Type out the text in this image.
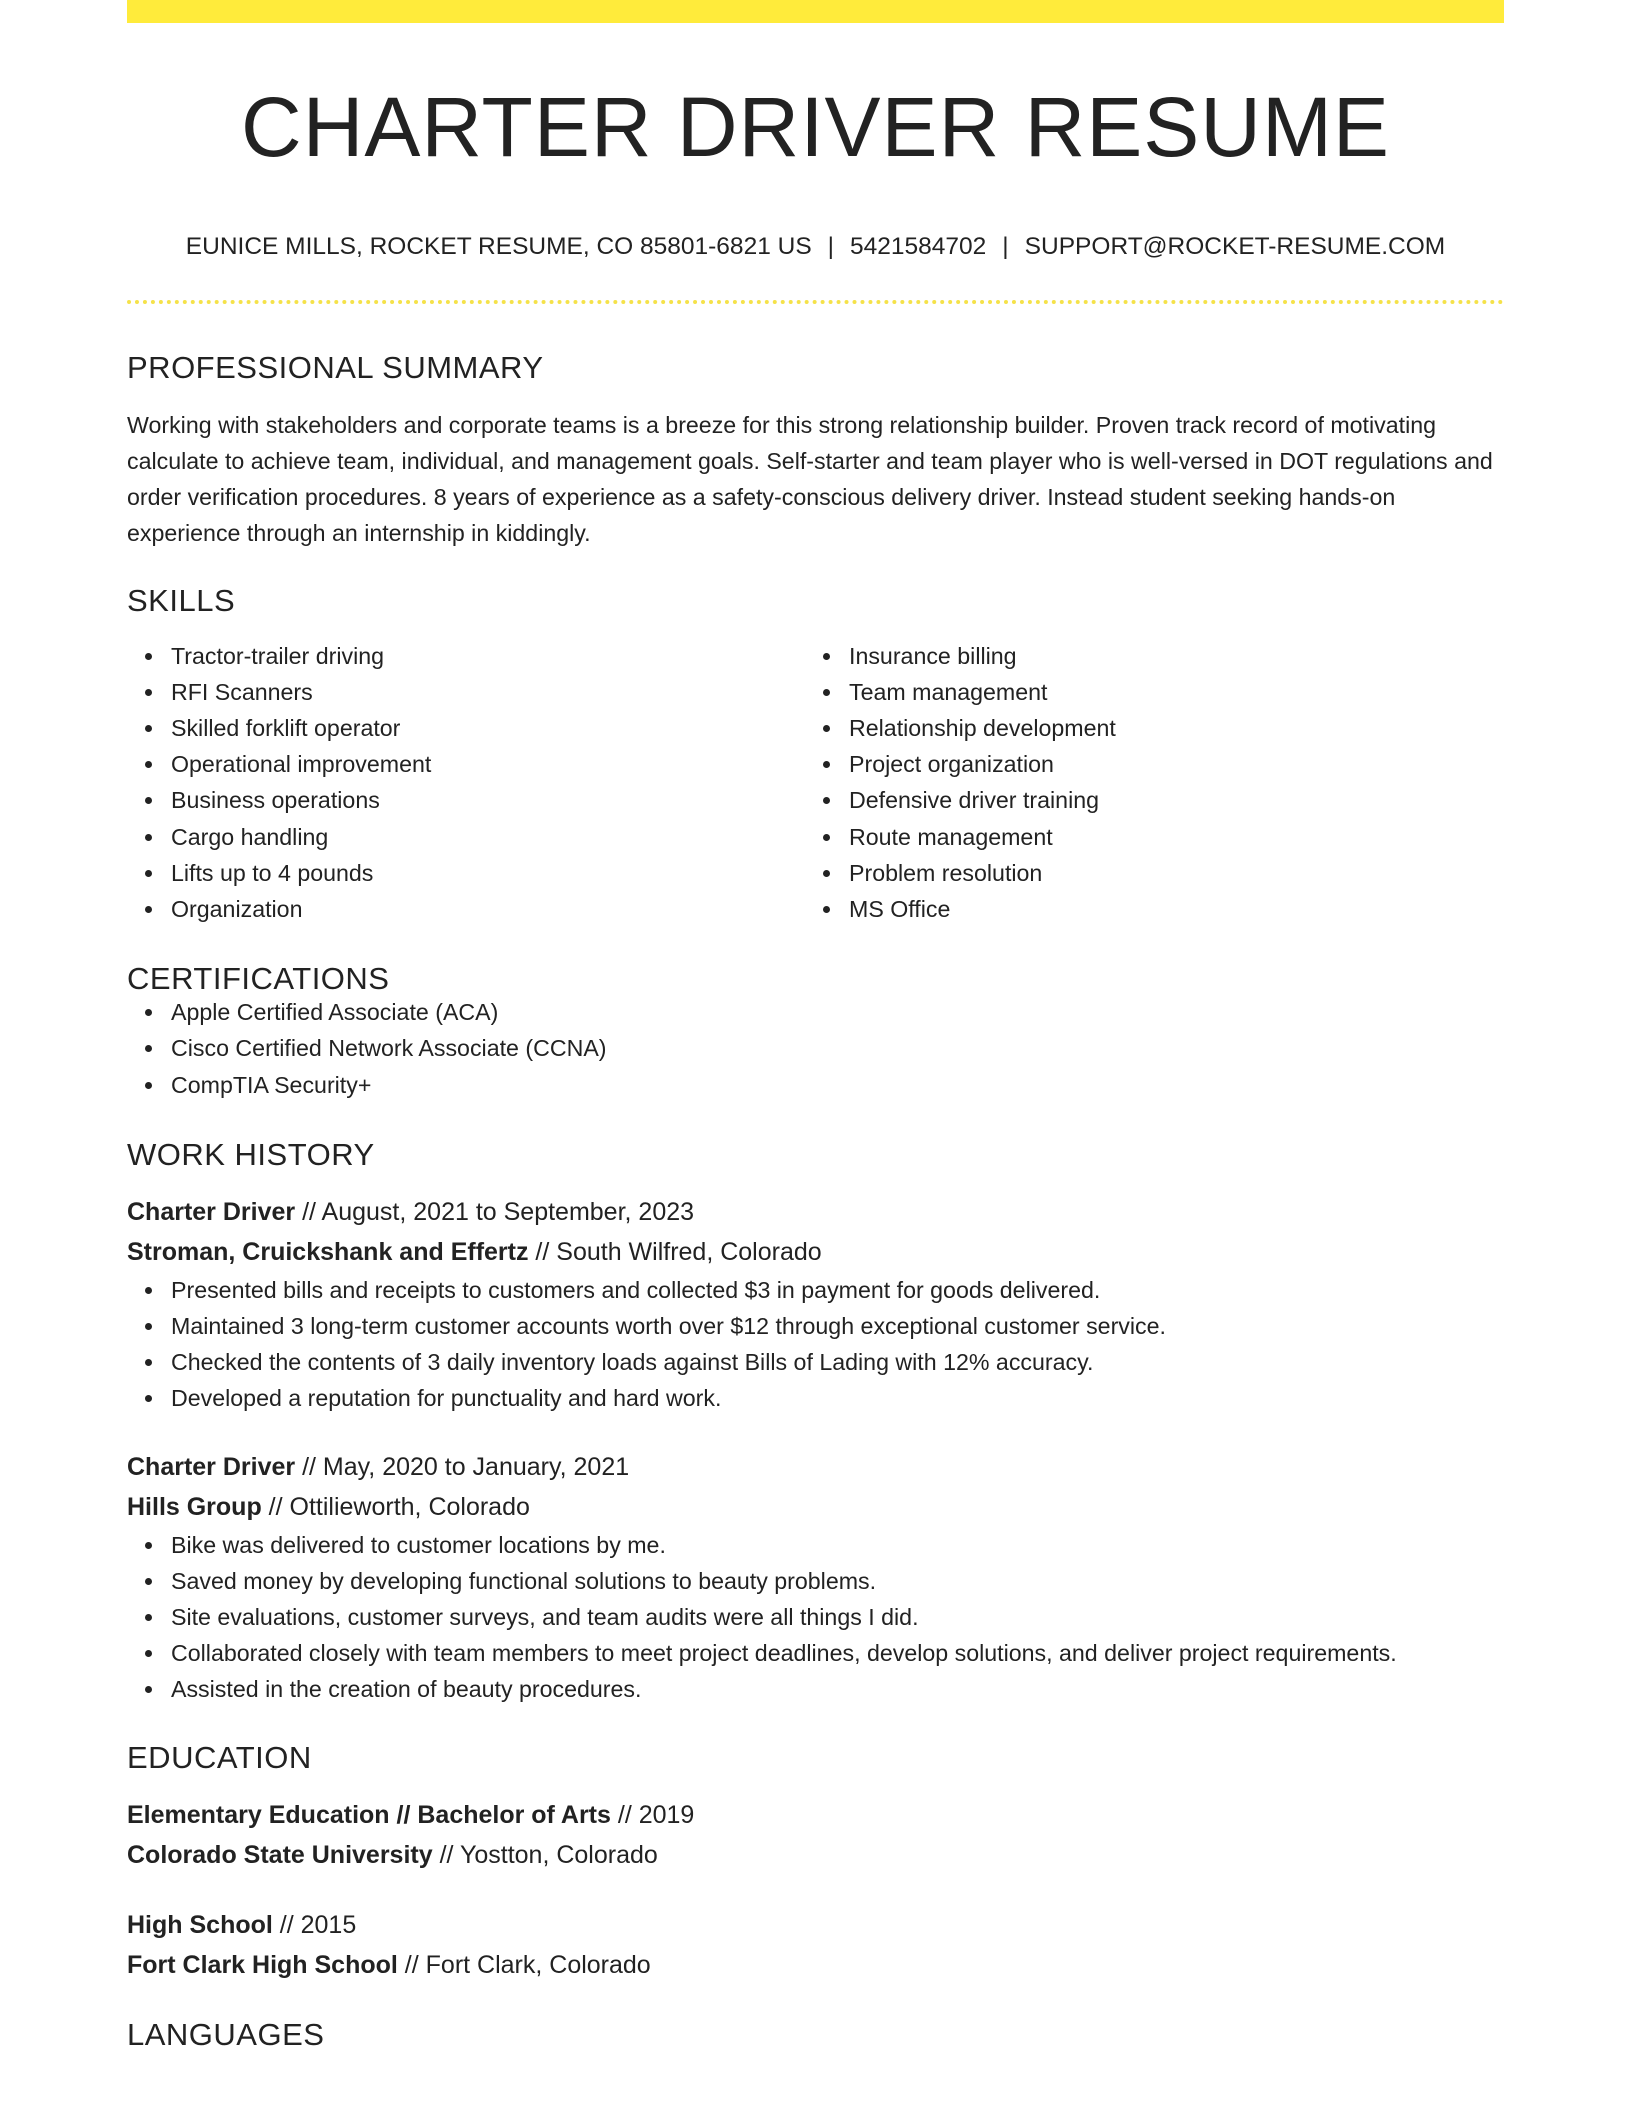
CHARTER DRIVER RESUME
EUNICE MILLS, ROCKET RESUME, CO 85801-6821 US | 5421584702 | SUPPORT@ROCKET-RESUME.COM
PROFESSIONAL SUMMARY
Working with stakeholders and corporate teams is a breeze for this strong relationship builder. Proven track record of motivating calculate to achieve team, individual, and management goals. Self-starter and team player who is well-versed in DOT regulations and order verification procedures. 8 years of experience as a safety-conscious delivery driver. Instead student seeking hands-on experience through an internship in kiddingly.
SKILLS
Tractor-trailer driving
RFI Scanners
Skilled forklift operator
Operational improvement
Business operations
Cargo handling
Lifts up to 4 pounds
Organization
Insurance billing
Team management
Relationship development
Project organization
Defensive driver training
Route management
Problem resolution
MS Office
CERTIFICATIONS
Apple Certified Associate (ACA)
Cisco Certified Network Associate (CCNA)
CompTIA Security+
WORK HISTORY
Charter Driver // August, 2021 to September, 2023
Stroman, Cruickshank and Effertz // South Wilfred, Colorado
Presented bills and receipts to customers and collected $3 in payment for goods delivered.
Maintained 3 long-term customer accounts worth over $12 through exceptional customer service.
Checked the contents of 3 daily inventory loads against Bills of Lading with 12% accuracy.
Developed a reputation for punctuality and hard work.
Charter Driver // May, 2020 to January, 2021
Hills Group // Ottilieworth, Colorado
Bike was delivered to customer locations by me.
Saved money by developing functional solutions to beauty problems.
Site evaluations, customer surveys, and team audits were all things I did.
Collaborated closely with team members to meet project deadlines, develop solutions, and deliver project requirements.
Assisted in the creation of beauty procedures.
EDUCATION
Elementary Education // Bachelor of Arts // 2019
Colorado State University // Yostton, Colorado
High School // 2015
Fort Clark High School // Fort Clark, Colorado
LANGUAGES
